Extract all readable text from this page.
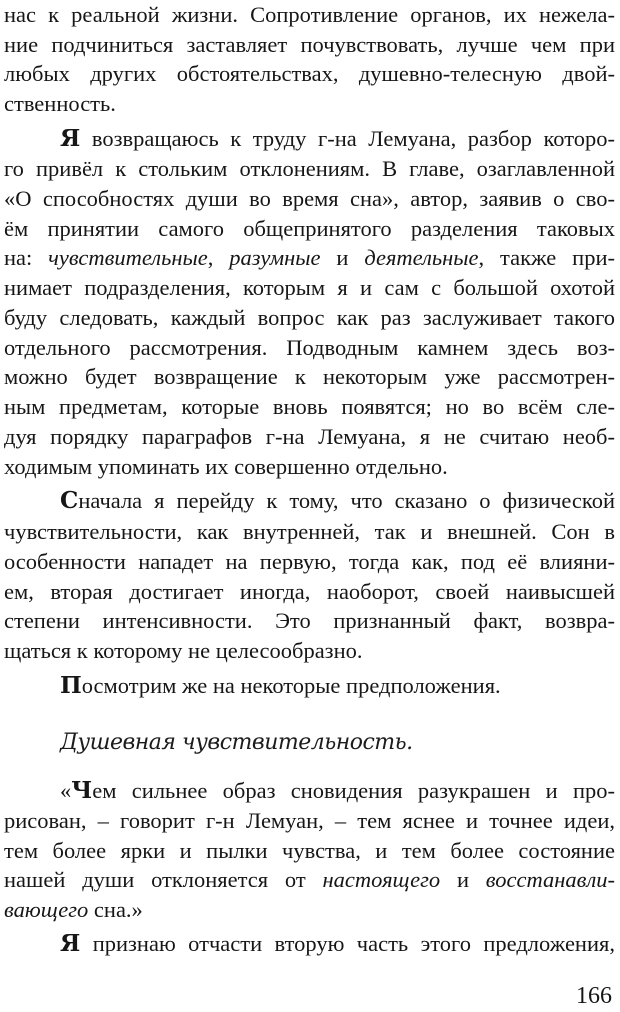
нас к реальной жизни. Сопротивление органов, их нежела-
ние подчиниться заставляет почувствовать, лучше чем при
любых других обстоятельствах, душевно-телесную двой-
ственность.
Я возвращаюсь к труду г-на Лемуана, разбор которо-
го привёл к стольким отклонениям. В главе, озаглавленной
«О способностях души во время сна», автор, заявив о сво-
ём принятии самого общепринятого разделения таковых
на: чувствительные, разумные и деятельные, также при-
нимает подразделения, которым я и сам с большой охотой
буду следовать, каждый вопрос как раз заслуживает такого
отдельного рассмотрения. Подводным камнем здесь воз-
можно будет возвращение к некоторым уже рассмотрен-
ным предметам, которые вновь появятся; но во всём сле-
дуя порядку параграфов г-на Лемуана, я не считаю необ-
ходимым упоминать их совершенно отдельно.
Сначала я перейду к тому, что сказано о физической
чувствительности, как внутренней, так и внешней. Сон в
особенности нападет на первую, тогда как, под её влияни-
ем, вторая достигает иногда, наоборот, своей наивысшей
степени интенсивности. Это признанный факт, возвра-
щаться к которому не целесообразно.
Посмотрим же на некоторые предположения.
Душевная чувствительность.
«Чем сильнее образ сновидения разукрашен и про-
рисован, – говорит г-н Лемуан, – тем яснее и точнее идеи,
тем более ярки и пылки чувства, и тем более состояние
нашей души отклоняется от настоящего и восстанавли-
вающего сна.»
Я признаю отчасти вторую часть этого предложения,
166
